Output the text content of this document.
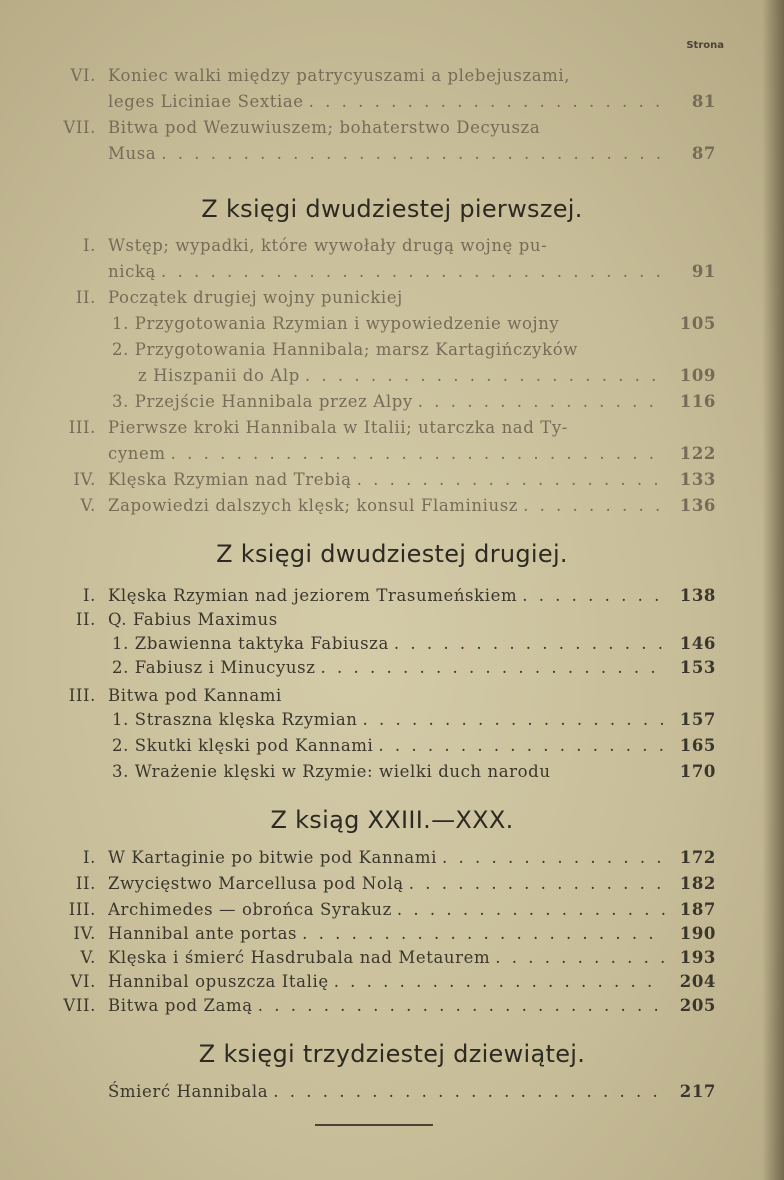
Strona
VI. Koniec walki między patrycyuszami a plebejuszami,
leges Liciniae Sextiae . . .	81
VII. Bitwa pod Wezuwiuszem; bohaterstwo Decyusza
Musa . . .	87
Z księgi dwudziestej pierwszej.
I. Wstęp; wypadki, które wywołały drugą wojnę pu-
nicką . . .	91
II. Początek drugiej wojny punickiej
1. Przygotowania Rzymian i wypowiedzenie wojny	105
2. Przygotowania Hannibala; marsz Kartagińczyków
z Hiszpanii do Alp . . .	109
3. Przejście Hannibala przez Alpy . . .	116
III. Pierwsze kroki Hannibala w Italii; utarczka nad Ty-
cynem . . .	122
IV. Klęska Rzymian nad Trebią . . .	133
V. Zapowiedzi dalszych klęsk; konsul Flaminiusz . . .	136
Z księgi dwudziestej drugiej.
I. Klęska Rzymian nad jeziorem Trasumeńskiem . . .	138
II. Q. Fabius Maximus
1. Zbawienna taktyka Fabiusza . . .	146
2. Fabiusz i Minucyusz . . .	153
III. Bitwa pod Kannami
1. Straszna klęska Rzymian . . .	157
2. Skutki klęski pod Kannami . . .	165
3. Wrażenie klęski w Rzymie: wielki duch narodu	170
Z ksiąg XXIII.—XXX.
I. W Kartaginie po bitwie pod Kannami . . .	172
II. Zwycięstwo Marcellusa pod Nolą . . .	182
III. Archimedes — obrońca Syrakuz . . .	187
IV. Hannibal ante portas . . .	190
V. Klęska i śmierć Hasdrubala nad Metaurem . . .	193
VI. Hannibal opuszcza Italię . . .	204
VII. Bitwa pod Zamą . . .	205
Z księgi trzydziestej dziewiątej.
Śmierć Hannibala . . .	217
